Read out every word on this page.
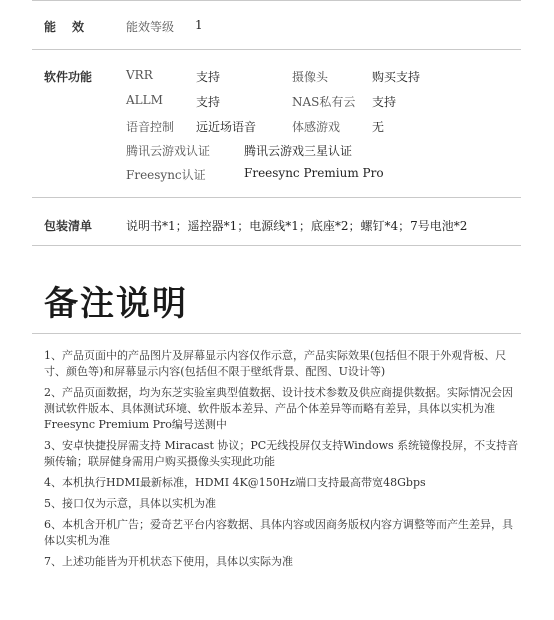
能效 能效等级 1
软件功能	VRR	支持	摄像头	购买支持
ALLM	支持	NAS私有云 支持
语音控制 远近场语音	体感游戏	无
腾讯云游戏认证	腾讯云游戏三星认证
Freesync认证	Freesync Premium Pro
包装清单	说明书*1；遥控器*1；电源线*1；底座*2；螺钉*4；7号电池*2
备注说明

1、产品页面中的产品图片及屏幕显示内容仅作示意，产品实际效果(包括但不限于外观背板、尺寸、颜色等)和屏幕显示内容(包括但不限于壁纸背景、配图、U设计等)

2、产品页面数据，均为东芝实验室典型值数据、设计技术参数及供应商提供数据。实际情况会因测试软件版本、具体测试环境、软件版本差异、产品个体差异等而略有差异，具体以实机为准Freesync Premium Pro编号送测中

3、安卓快捷投屏需支持 Miracast 协议；PC无线投屏仅支持Windows 系统镜像投屏，不支持音频传输；联屏健身需用户购买摄像头实现此功能

4、本机执行HDMI最新标准，HDMI 4K@150Hz端口支持最高带宽48Gbps

5、接口仅为示意，具体以实机为准

6、本机含开机广告；爱奇艺平台内容数据、具体内容或因商务版权内容方调整等而产生差异，具体以实机为准

7、上述功能皆为开机状态下使用，具体以实际为准
